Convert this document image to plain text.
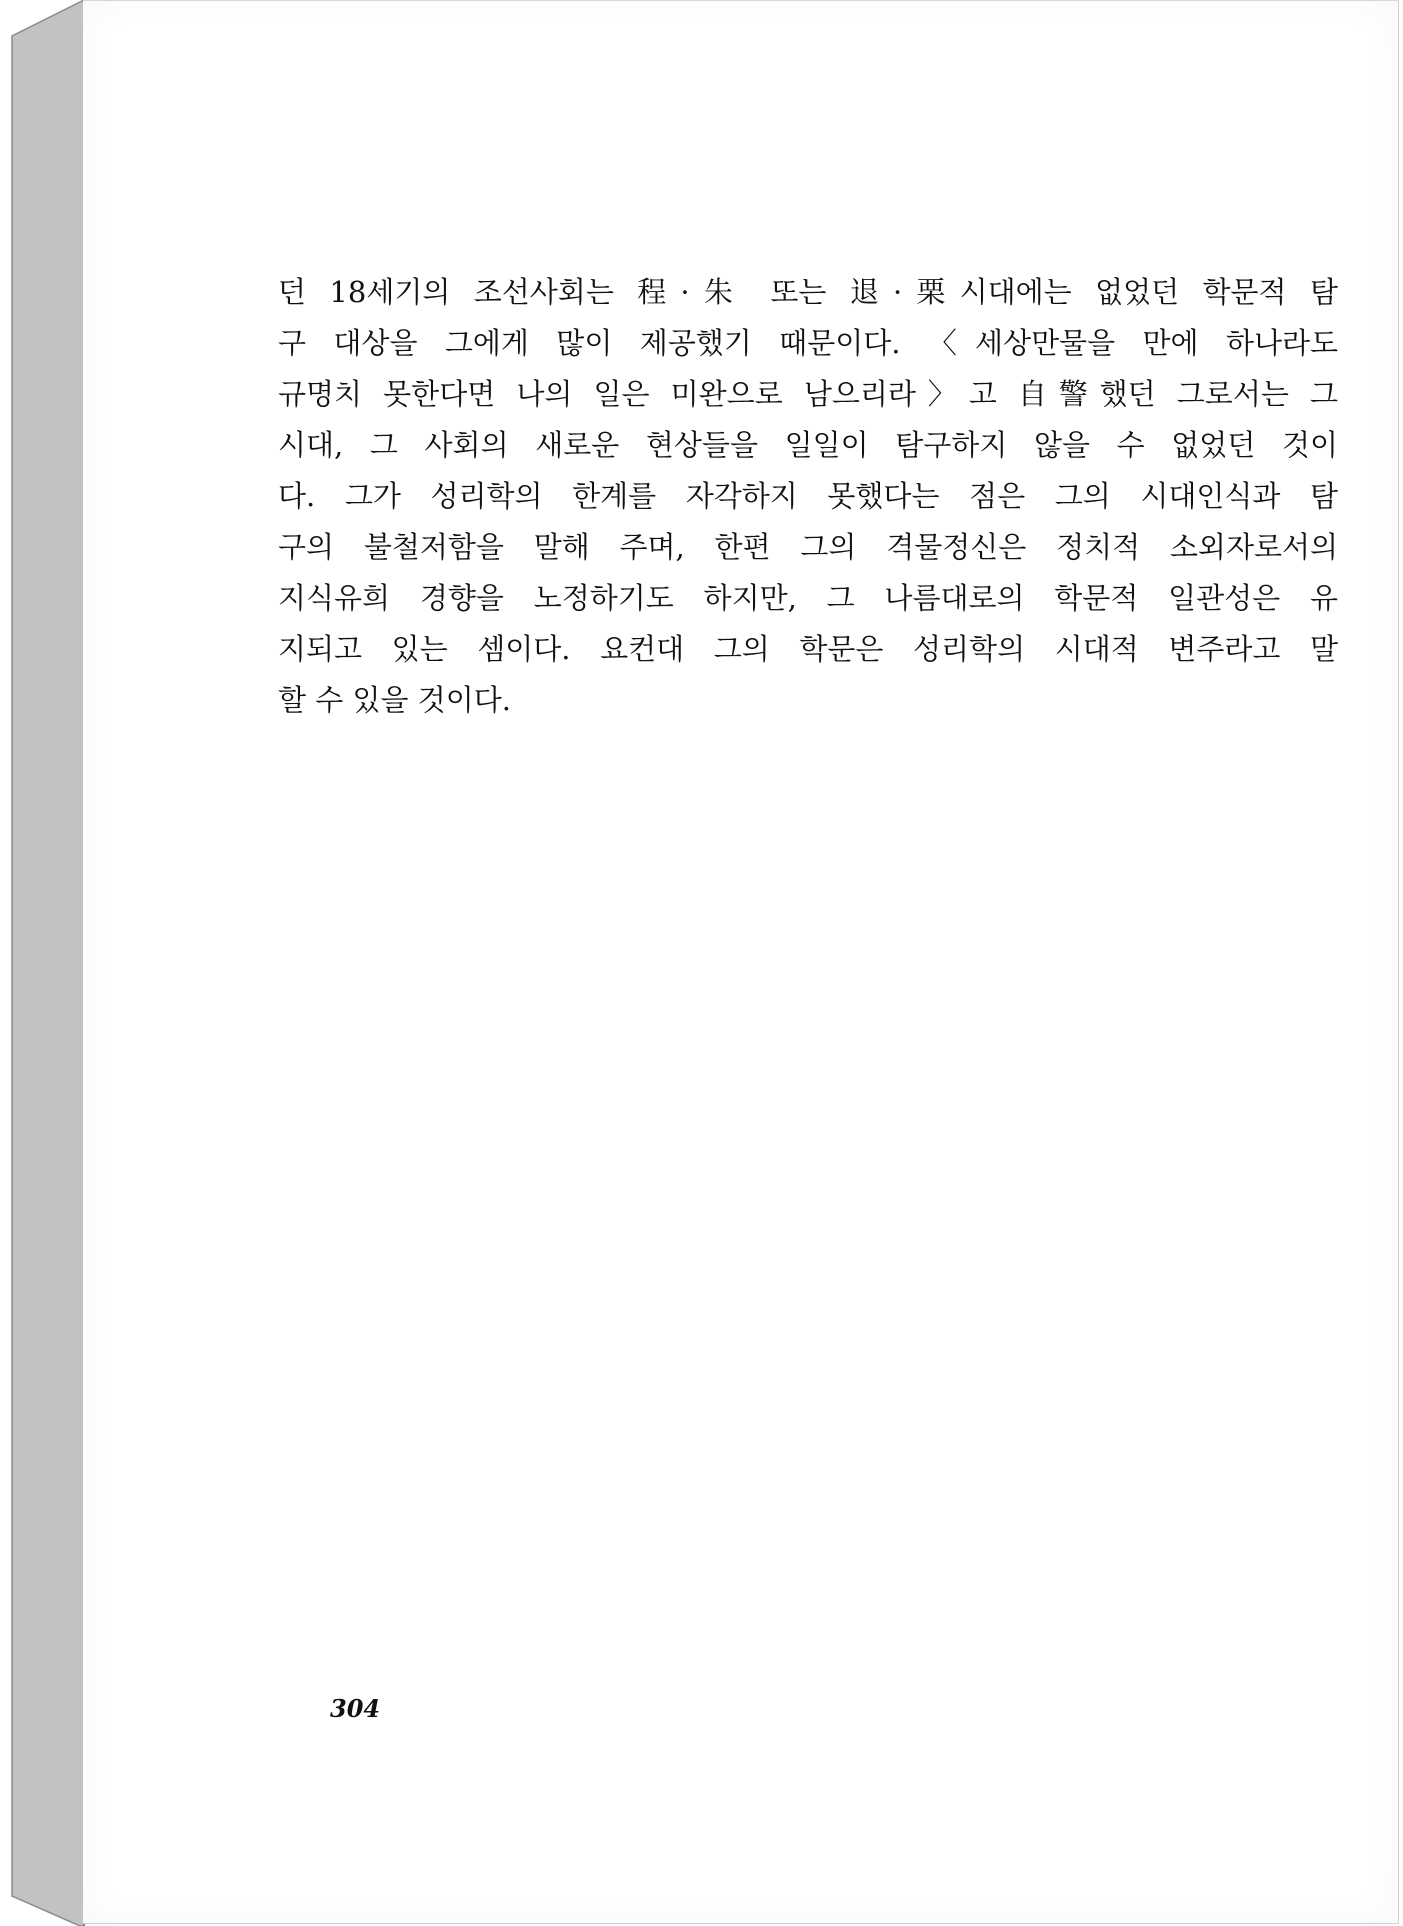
던 18세기의 조선사회는 程·朱 또는 退·栗시대에는 없었던 학문적 탐
구 대상을 그에게 많이 제공했기 때문이다. 〈세상만물을 만에 하나라도
규명치 못한다면 나의 일은 미완으로 남으리라〉고 自警했던 그로서는 그
시대, 그 사회의 새로운 현상들을 일일이 탐구하지 않을 수 없었던 것이
다. 그가 성리학의 한계를 자각하지 못했다는 점은 그의 시대인식과 탐
구의 불철저함을 말해 주며, 한편 그의 격물정신은 정치적 소외자로서의
지식유희 경향을 노정하기도 하지만, 그 나름대로의 학문적 일관성은 유
지되고 있는 셈이다. 요컨대 그의 학문은 성리학의 시대적 변주라고 말
할 수 있을 것이다.

304
